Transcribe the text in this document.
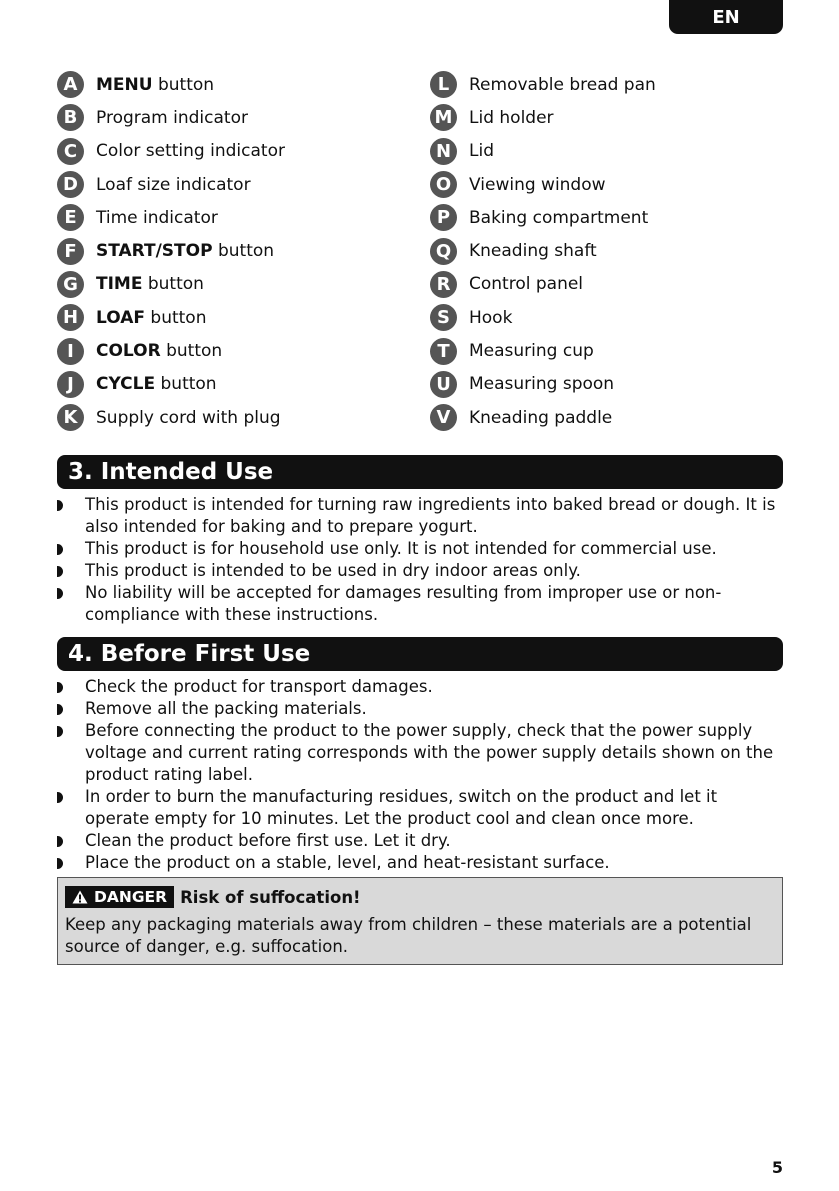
EN
A	MENU button
B	Program indicator
C	Color setting indicator
D	Loaf size indicator
E	Time indicator
F	START/STOP button
G	TIME button
H	LOAF button
I	COLOR button
J	CYCLE button
K	Supply cord with plug
L	Removable bread pan
M Lid holder
N	Lid
O	Viewing window
P	Baking compartment
Q	Kneading shaft
R	Control panel
S	Hook
T	Measuring cup
U	Measuring spoon
V	Kneading paddle
3. Intended Use
This product is intended for turning raw ingredients into baked bread or dough. It is also intended for baking and to prepare yogurt.
This product is for household use only. It is not intended for commercial use.
This product is intended to be used in dry indoor areas only.
No liability will be accepted for damages resulting from improper use or non-compliance with these instructions.
4. Before First Use
Check the product for transport damages.
Remove all the packing materials.
Before connecting the product to the power supply, check that the power supply voltage and current rating corresponds with the power supply details shown on the product rating label.
In order to burn the manufacturing residues, switch on the product and let it operate empty for 10 minutes. Let the product cool and clean once more.
Clean the product before first use. Let it dry.
Place the product on a stable, level, and heat-resistant surface.
DANGER Risk of suffocation!
Keep any packaging materials away from children – these materials are a potential source of danger, e.g. suffocation.
5
